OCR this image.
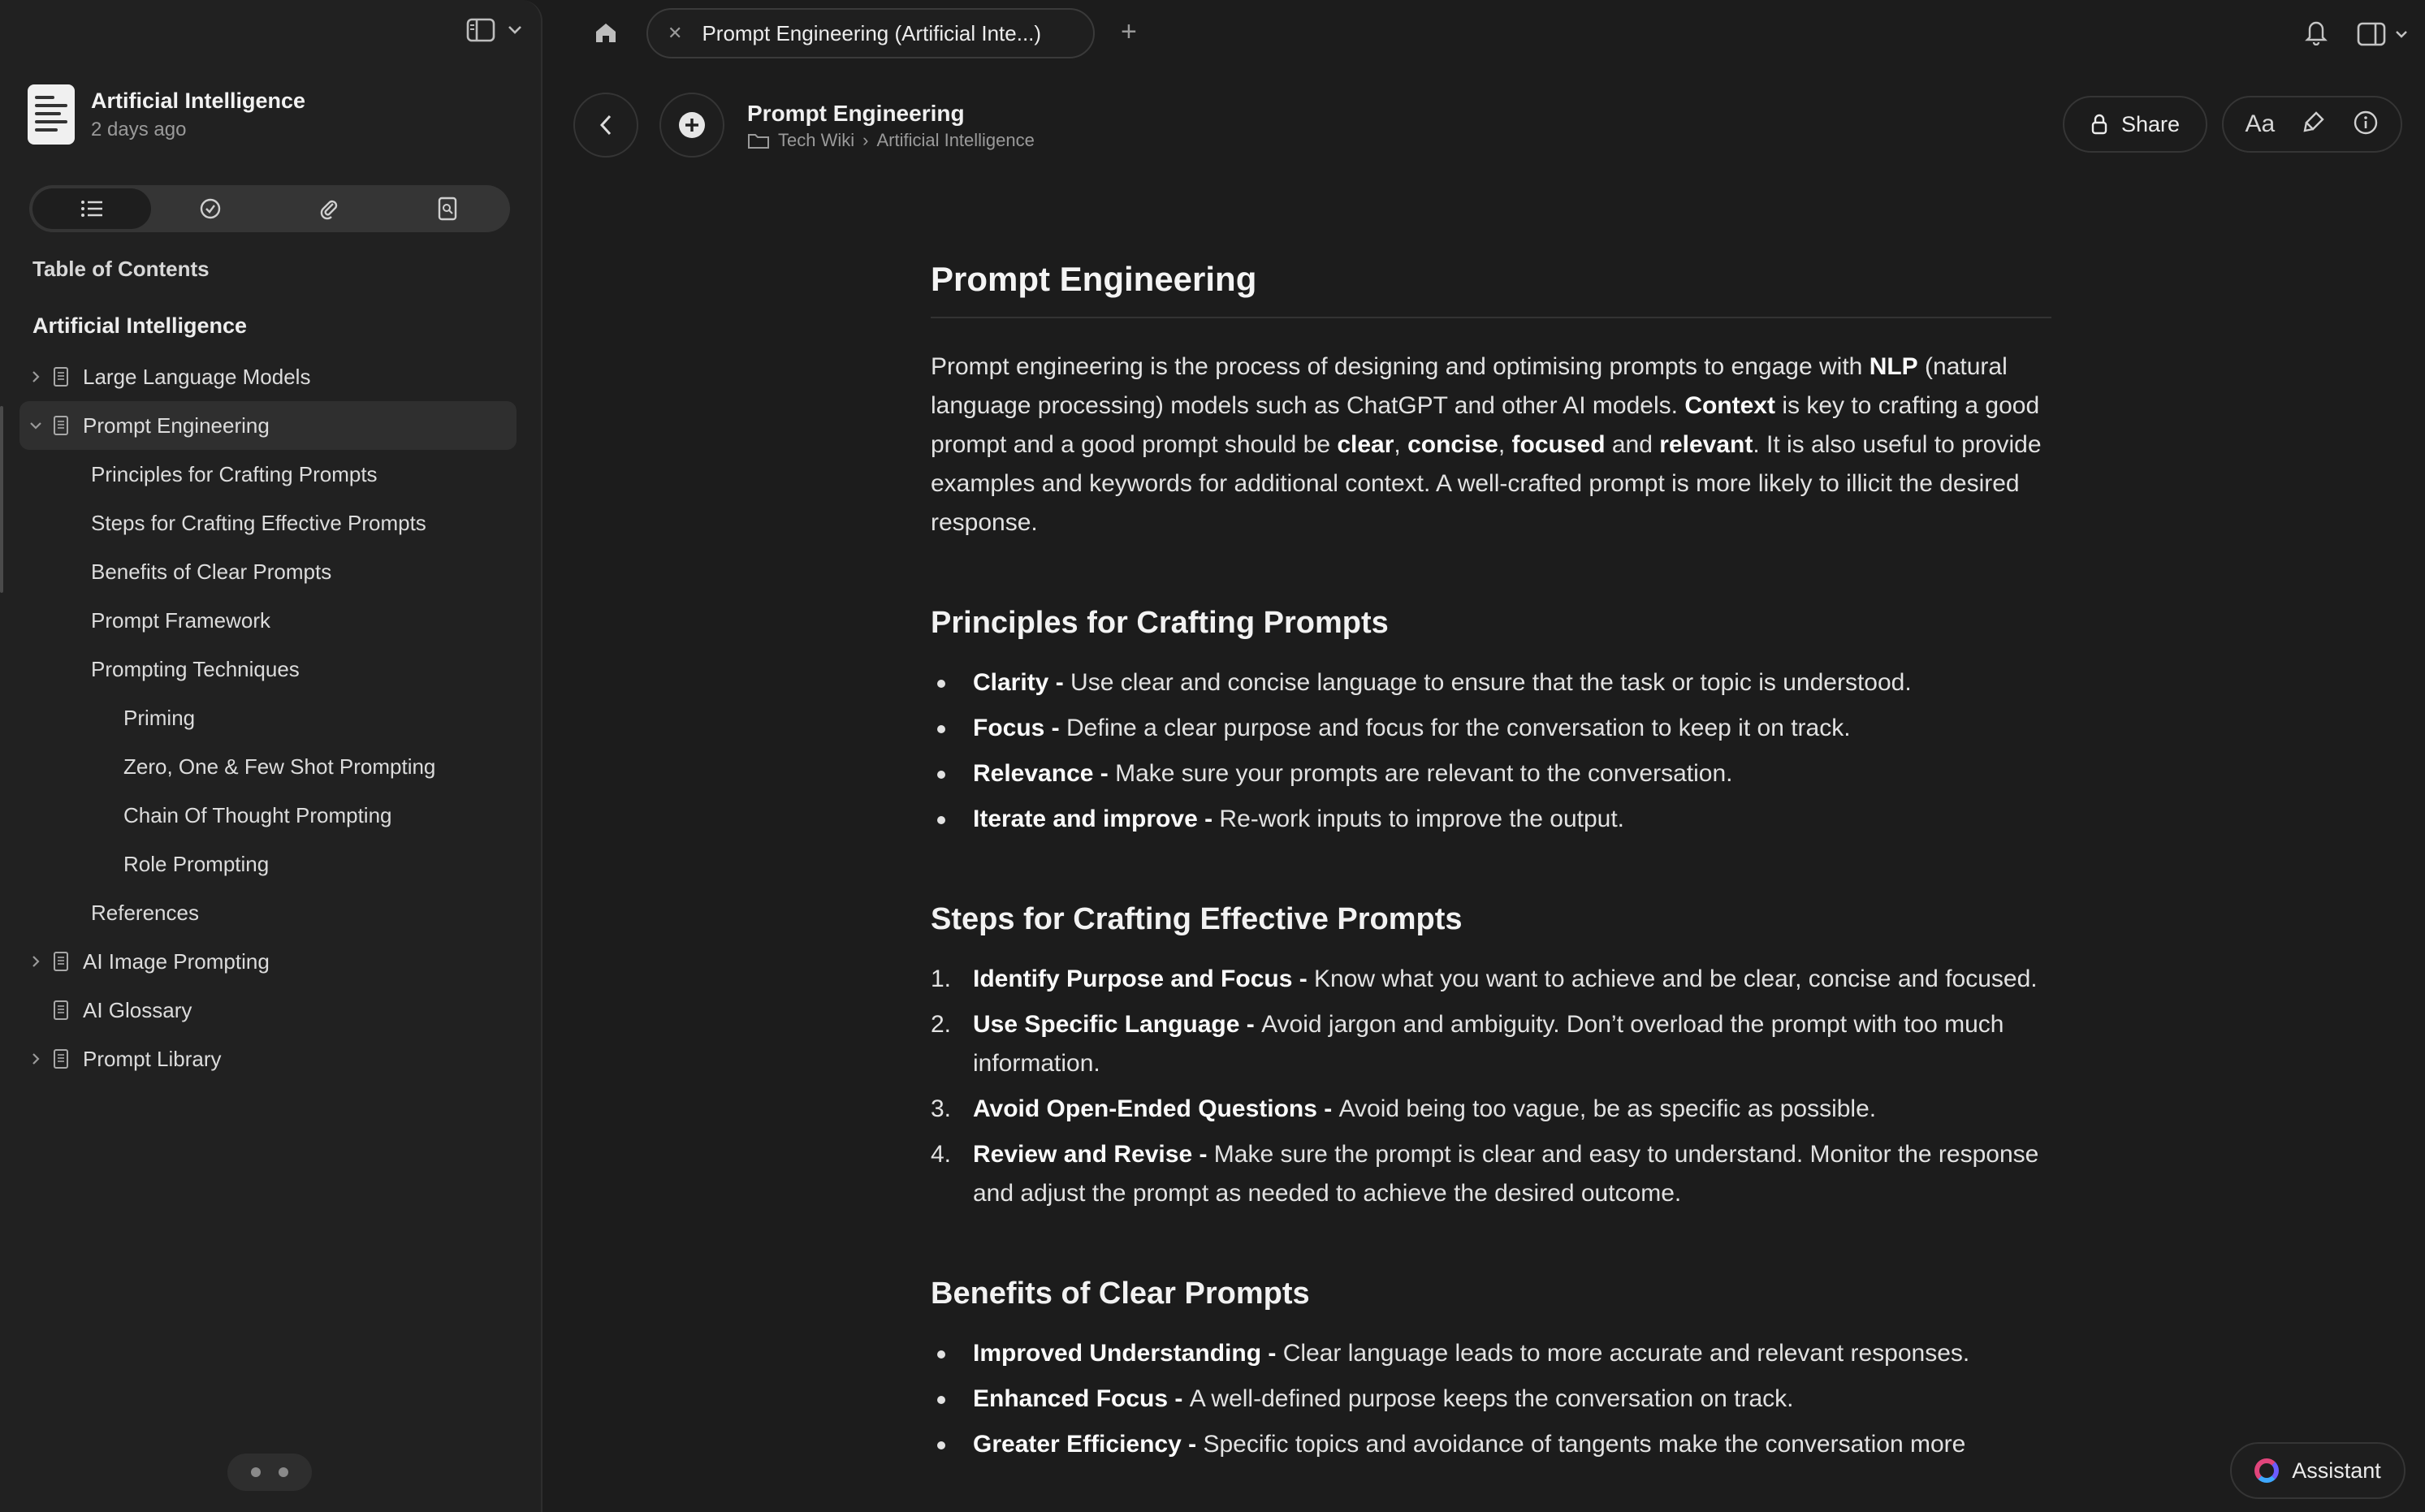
Artificial Intelligence
2 days ago
Table of Contents
Artificial Intelligence
Large Language Models
Prompt Engineering
Principles for Crafting Prompts
Steps for Crafting Effective Prompts
Benefits of Clear Prompts
Prompt Framework
Prompting Techniques
Priming
Zero, One & Few Shot Prompting
Chain Of Thought Prompting
Role Prompting
References
AI Image Prompting
AI Glossary
Prompt Library
✕ Prompt Engineering (Artificial Inte...)	+
Prompt Engineering
Tech Wiki › Artificial Intelligence
Share	Aa
Prompt Engineering

Prompt engineering is the process of designing and optimising prompts to engage with NLP (natural language processing) models such as ChatGPT and other AI models. Context is key to crafting a good prompt and a good prompt should be clear, concise, focused and relevant. It is also useful to provide examples and keywords for additional context. A well-crafted prompt is more likely to illicit the desired response.

Principles for Crafting Prompts
Clarity - Use clear and concise language to ensure that the task or topic is understood.
Focus - Define a clear purpose and focus for the conversation to keep it on track.
Relevance - Make sure your prompts are relevant to the conversation.
Iterate and improve - Re-work inputs to improve the output.
Steps for Crafting Effective Prompts
1. Identify Purpose and Focus - Know what you want to achieve and be clear, concise and focused.
2. Use Specific Language - Avoid jargon and ambiguity. Don’t overload the prompt with too much information.
3. Avoid Open-Ended Questions - Avoid being too vague, be as specific as possible.
4. Review and Revise - Make sure the prompt is clear and easy to understand. Monitor the response and adjust the prompt as needed to achieve the desired outcome.
Benefits of Clear Prompts
Improved Understanding - Clear language leads to more accurate and relevant responses.
Enhanced Focus - A well-defined purpose keeps the conversation on track.
Greater Efficiency - Specific topics and avoidance of tangents make the conversation more
Assistant
